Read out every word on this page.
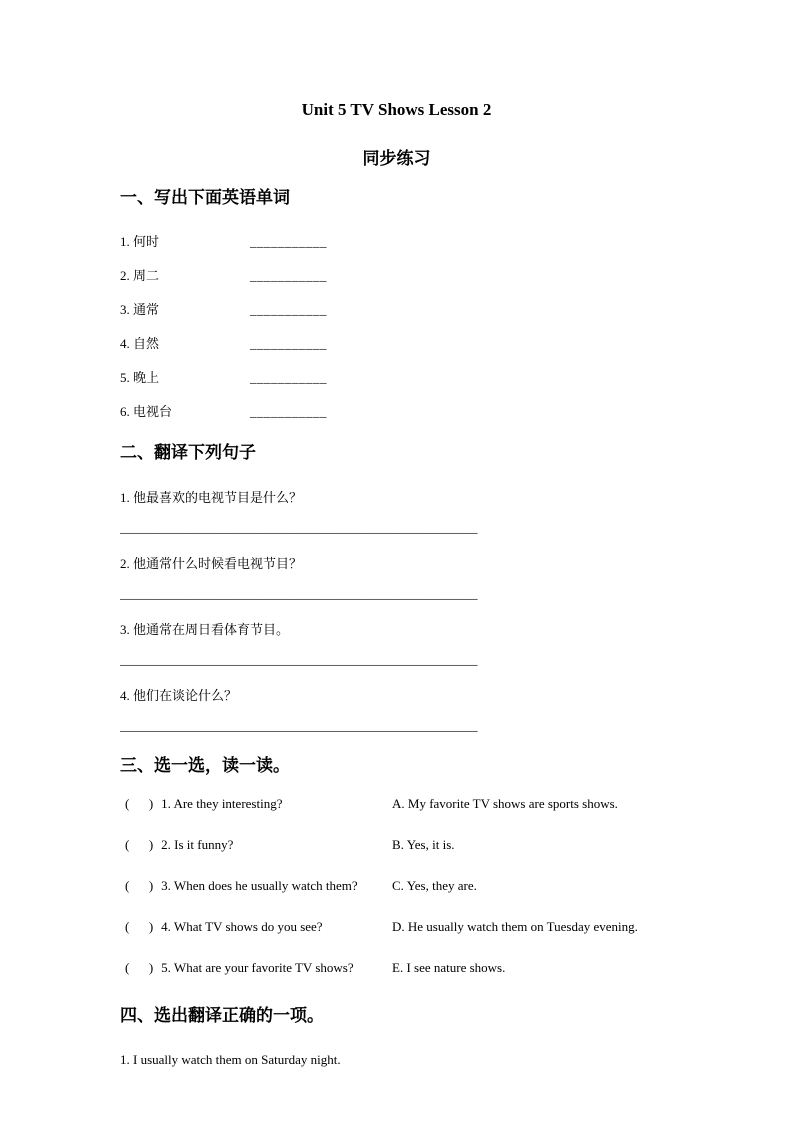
Unit 5 TV Shows Lesson 2
同步练习
一、写出下面英语单词
1. 何时	___________
2. 周二	___________
3. 通常	___________
4. 自然	___________
5. 晚上	___________
6. 电视台	___________
二、翻译下列句子
1. 他最喜欢的电视节目是什么？
_______________________________________________________
2. 他通常什么时候看电视节目？
_______________________________________________________
3. 他通常在周日看体育节目。
_______________________________________________________
4. 他们在谈论什么？
_______________________________________________________
三、选一选，读一读。
(      ) 1. Are they interesting?	A. My favorite TV shows are sports shows.
(      ) 2. Is it funny?	B. Yes, it is.
(      ) 3. When does he usually watch them?	C. Yes, they are.
(      ) 4. What TV shows do you see?	D. He usually watch them on Tuesday evening.
(      ) 5. What are your favorite TV shows?	E. I see nature shows.
四、选出翻译正确的一项。
1. I usually watch them on Saturday night.
